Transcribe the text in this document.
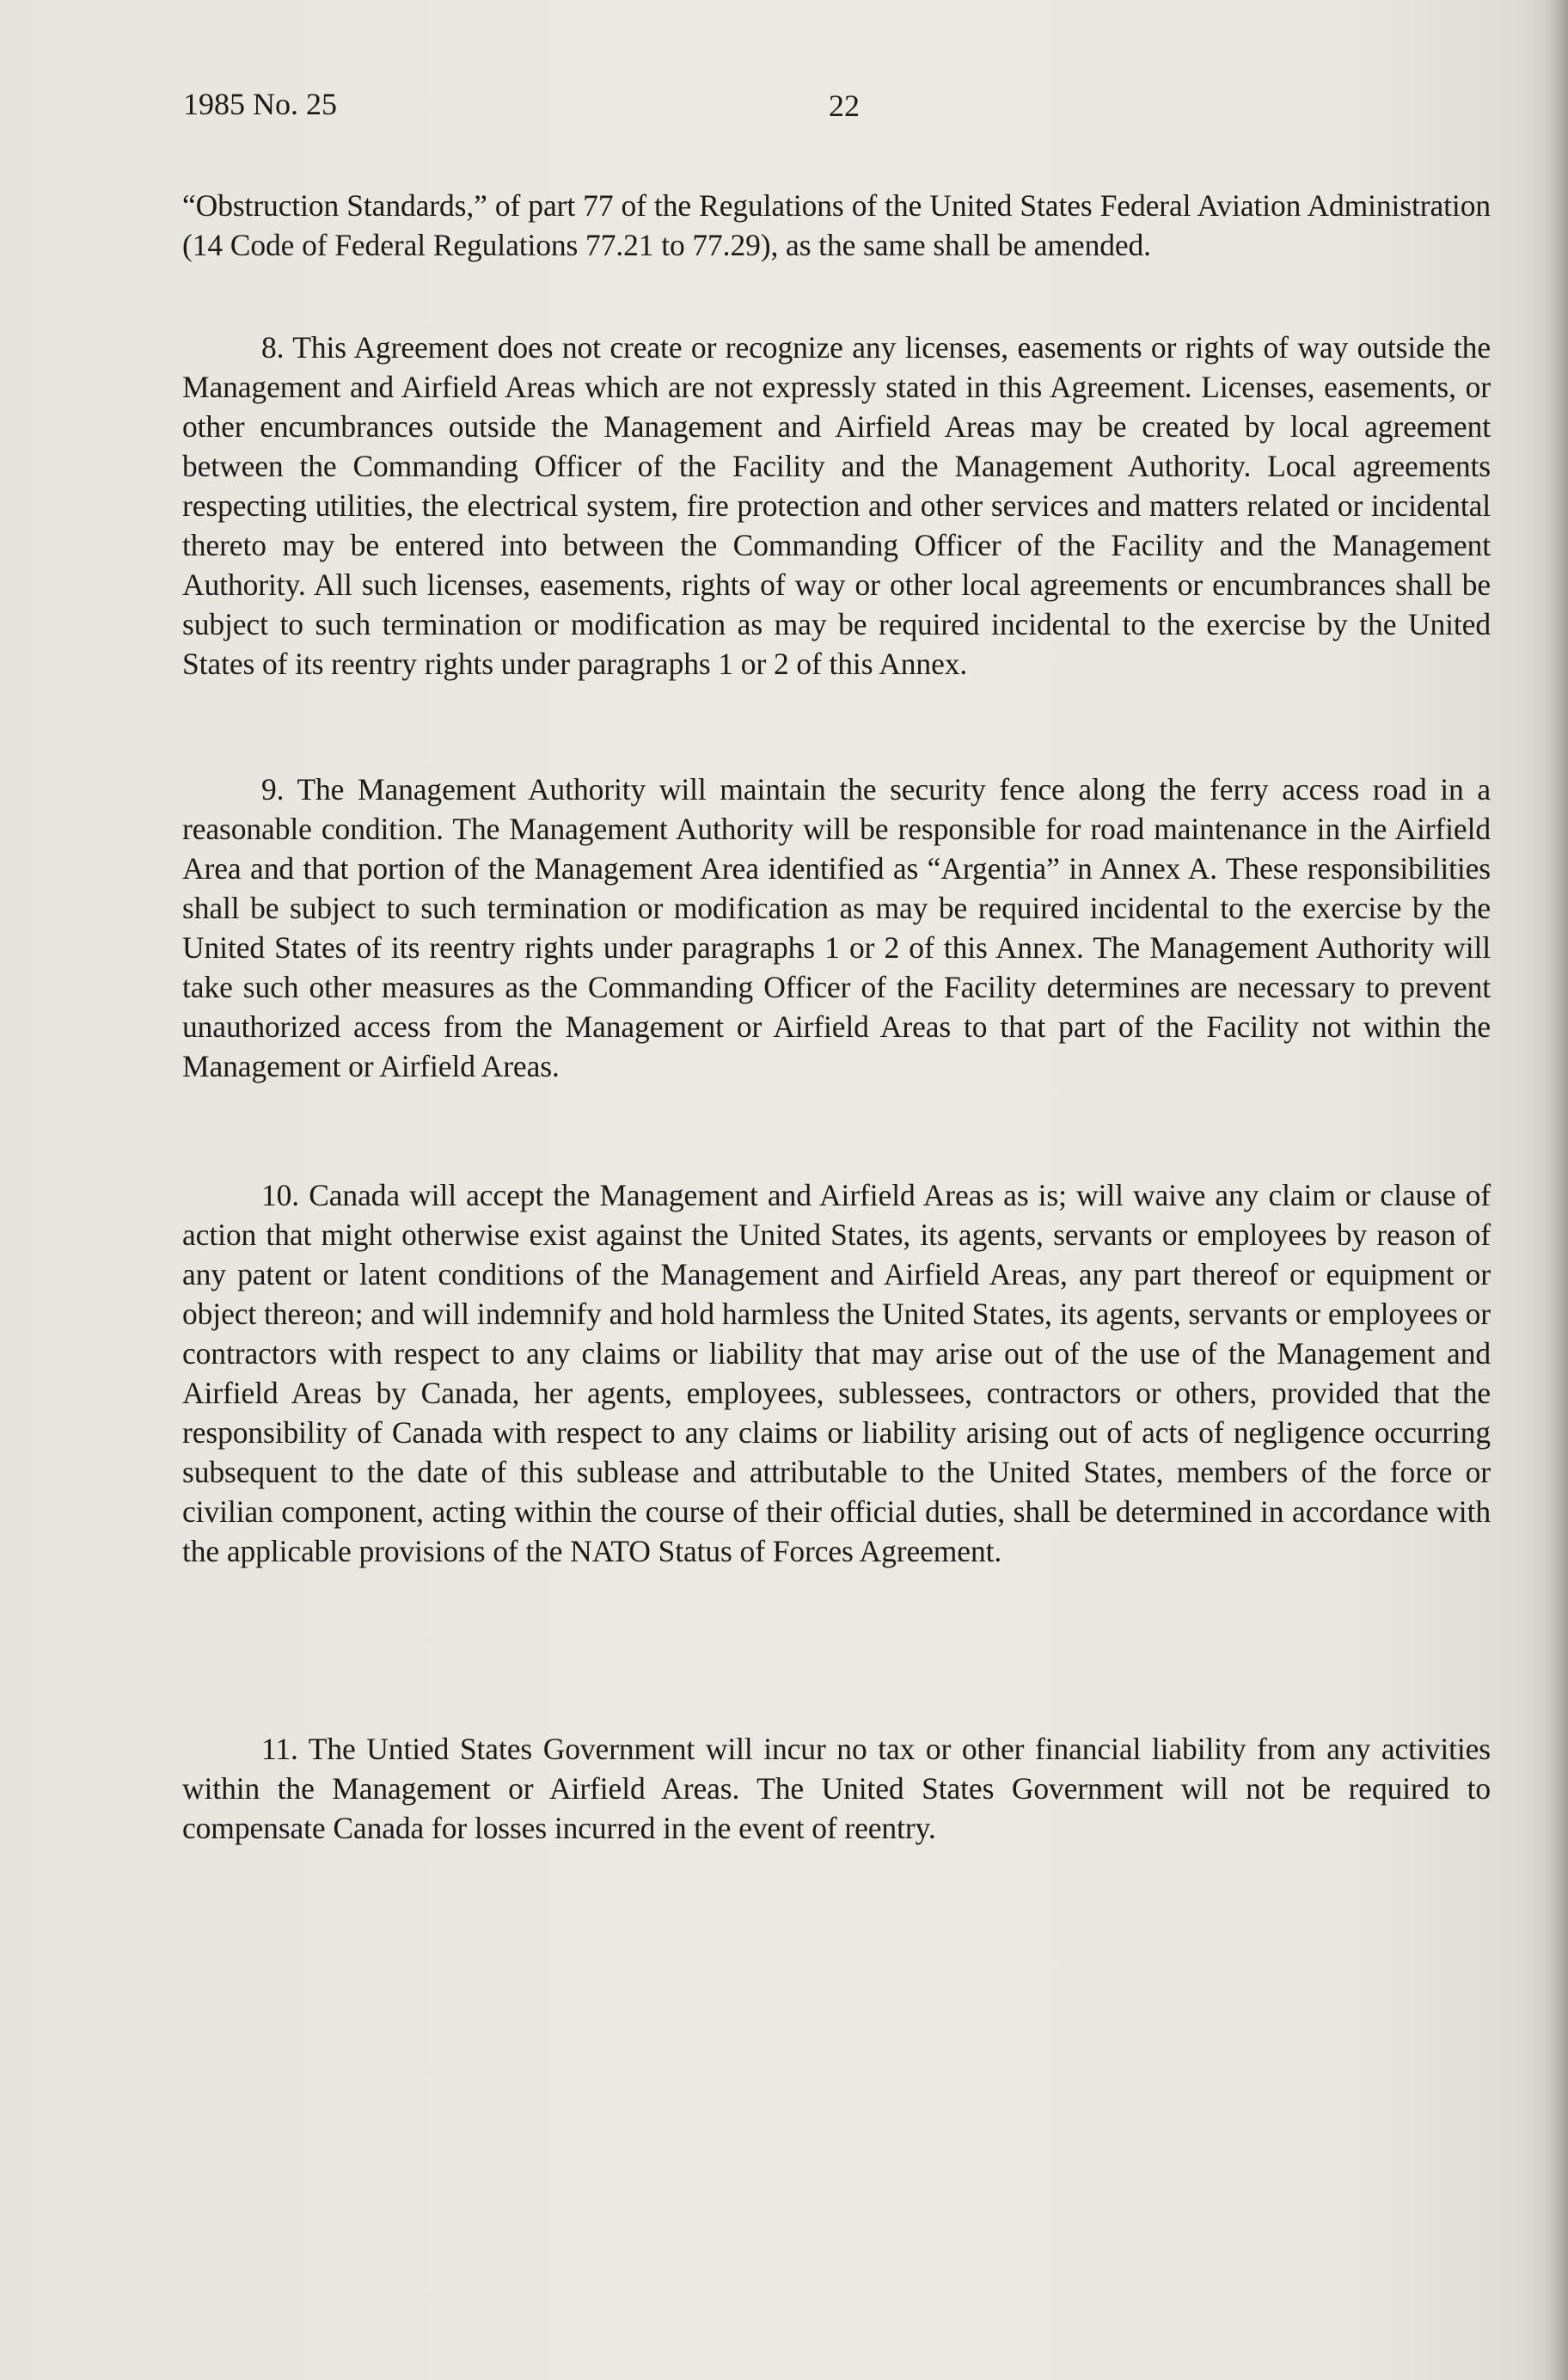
1985 No. 25	22

“Obstruction Standards,” of part 77 of the Regulations of the United States Federal Aviation Administration (14 Code of Federal Regulations 77.21 to 77.29), as the same shall be amended.

8. This Agreement does not create or recognize any licenses, easements or rights of way outside the Management and Airfield Areas which are not expressly stated in this Agreement. Licenses, easements, or other encumbrances outside the Management and Airfield Areas may be created by local agreement between the Commanding Officer of the Facility and the Management Authority. Local agreements respecting utilities, the electrical system, fire protection and other services and matters related or incidental thereto may be entered into between the Commanding Officer of the Facility and the Management Authority. All such licenses, easements, rights of way or other local agreements or encumbrances shall be subject to such termination or modification as may be required incidental to the exercise by the United States of its reentry rights under paragraphs 1 or 2 of this Annex.

9. The Management Authority will maintain the security fence along the ferry access road in a reasonable condition. The Management Authority will be responsible for road maintenance in the Airfield Area and that portion of the Management Area identified as “Argentia” in Annex A. These responsibilities shall be subject to such termination or modification as may be required incidental to the exercise by the United States of its reentry rights under paragraphs 1 or 2 of this Annex. The Management Authority will take such other measures as the Commanding Officer of the Facility determines are necessary to prevent unauthorized access from the Management or Airfield Areas to that part of the Facility not within the Management or Airfield Areas.

10. Canada will accept the Management and Airfield Areas as is; will waive any claim or clause of action that might otherwise exist against the United States, its agents, servants or employees by reason of any patent or latent conditions of the Management and Airfield Areas, any part thereof or equipment or object thereon; and will indemnify and hold harmless the United States, its agents, servants or employees or contractors with respect to any claims or liability that may arise out of the use of the Management and Airfield Areas by Canada, her agents, employees, sublessees, contractors or others, provided that the responsibility of Canada with respect to any claims or liability arising out of acts of negligence occurring subsequent to the date of this sublease and attributable to the United States, members of the force or civilian component, acting within the course of their official duties, shall be determined in accordance with the applicable provisions of the NATO Status of Forces Agreement.

11. The Untied States Government will incur no tax or other financial liability from any activities within the Management or Airfield Areas. The United States Government will not be required to compensate Canada for losses incurred in the event of reentry.
